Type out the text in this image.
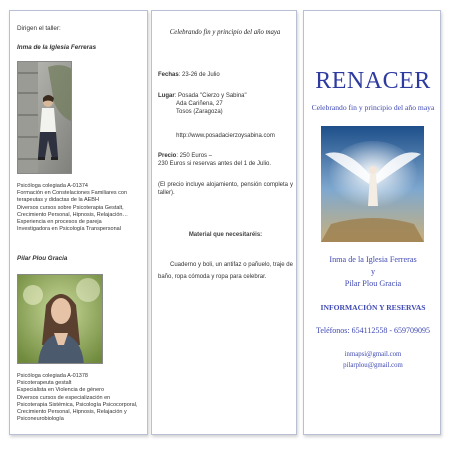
Dirigen el taller:
Inma de la Iglesia Ferreras
Psicóloga colegiada A-01374
Formación en Constelaciones Familiares con
terapeutas y didactas de la AEBH
Diversos cursos sobre Psicoterapia Gestalt,
Crecimiento Personal, Hipnosis, Relajación…
Experiencia en procesos de pareja
Investigadora en Psicología Transpersonal
Pilar Plou Gracia
Psicóloga colegiada A-01378
Psicoterapeuta gestalt
Especialista en Violencia de género
Diversos cursos de especialización en
Psicoterapia Sistémica, Psicología Psicocorporal,
Crecimiento Personal, Hipnosis, Relajación y
Psiconeurobiología
Celebrando fin y principio del año maya
Fechas: 23-26 de Julio
Lugar: Posada "Cierzo y Sabina"
Ada Cariñena, 27
Tosos (Zaragoza)
http://www.posadacierzoysabina.com
Precio: 250 Euros –
230 Euros si reservas antes del 1 de Julio.
(El precio incluye alojamiento, pensión completa y taller).
Material que necesitaréis:
Cuaderno y boli, un antifaz o pañuelo, traje de baño, ropa cómoda y ropa para celebrar.
RENACER
Celebrando fin y principio del año maya
Inma de la Iglesia Ferreras
y
Pilar Plou Gracia
INFORMACIÓN Y RESERVAS
Teléfonos: 654112558 - 659709095
inmapsi@gmail.com
pilarplou@gmail.com
